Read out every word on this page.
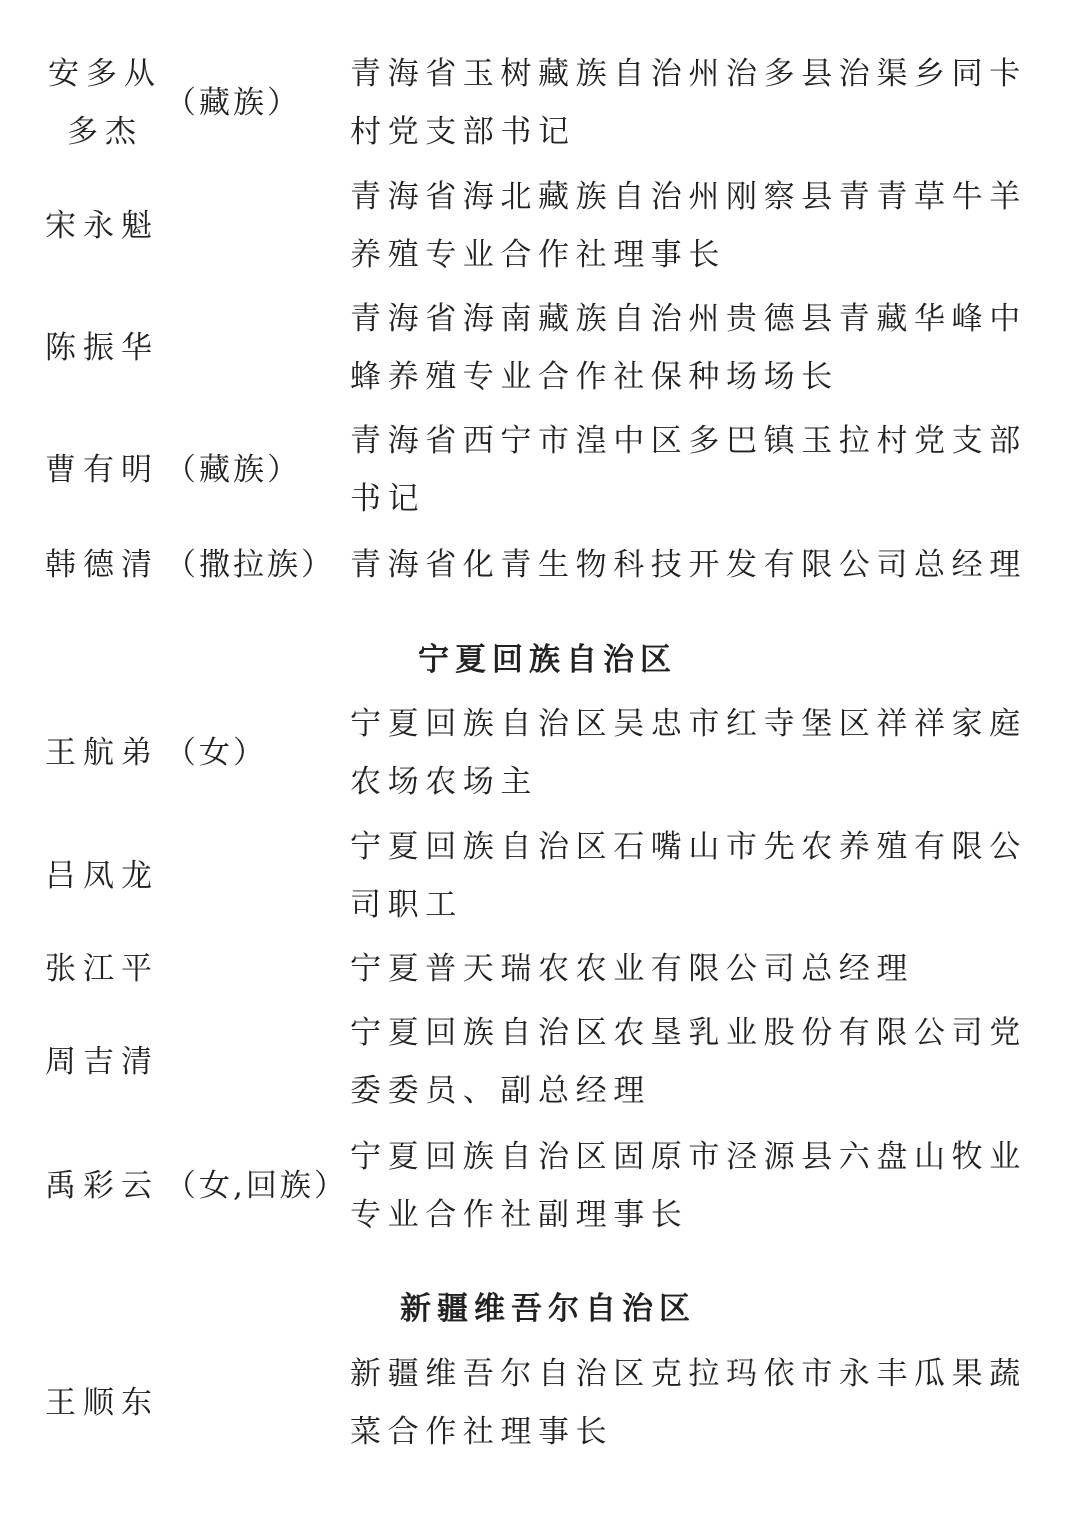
安多从
多杰
（藏族）
青海省玉树藏族自治州治多县治渠乡同卡村党支部书记
宋永魁
青海省海北藏族自治州刚察县青青草牛羊养殖专业合作社理事长
陈振华
青海省海南藏族自治州贵德县青藏华峰中蜂养殖专业合作社保种场场长
曹有明 （藏族）
青海省西宁市湟中区多巴镇玉拉村党支部书记
韩德清 （撒拉族） 青海省化青生物科技开发有限公司总经理
宁夏回族自治区
王航弟 （女）
宁夏回族自治区吴忠市红寺堡区祥祥家庭农场农场主
吕凤龙
宁夏回族自治区石嘴山市先农养殖有限公司职工
张江平	宁夏普天瑞农农业有限公司总经理
周吉清
宁夏回族自治区农垦乳业股份有限公司党委委员、副总经理
禹彩云 （女,回族）
宁夏回族自治区固原市泾源县六盘山牧业专业合作社副理事长
新疆维吾尔自治区
王顺东
新疆维吾尔自治区克拉玛依市永丰瓜果蔬菜合作社理事长
